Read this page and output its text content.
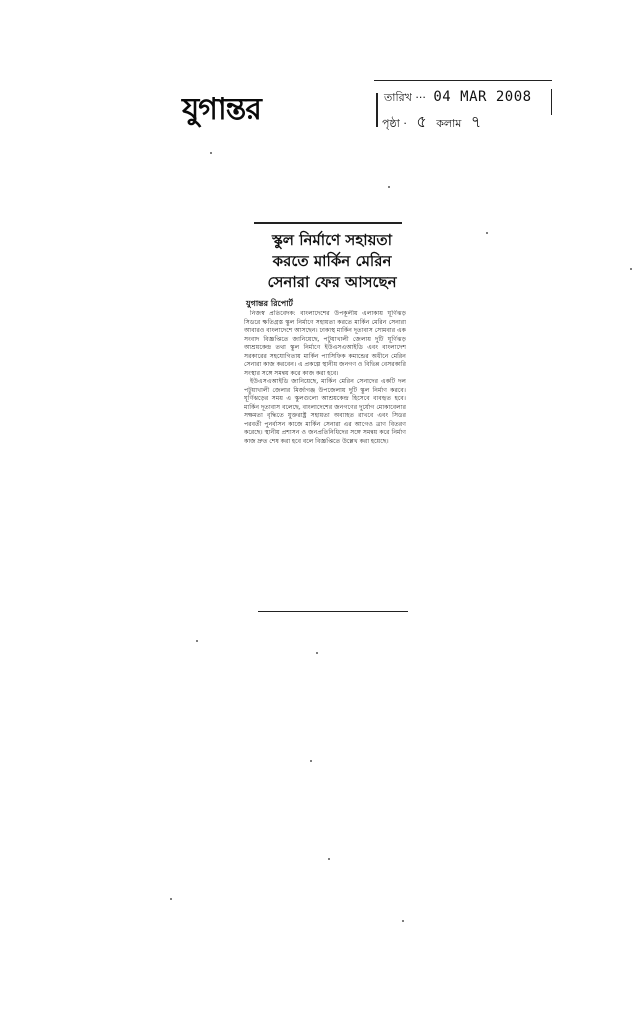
যুগান্তর	তারিখ ··· 04 MAR 2008
পৃষ্ঠা · ৫ কলাম ৭
স্কুল নির্মাণে সহায়তা করতে মার্কিন মেরিন সেনারা ফের আসছেন
যুগান্তর রিপোর্ট

নিজস্ব প্রতিবেদক: বাংলাদেশের উপকূলীয় এলাকায় ঘূর্ণিঝড় সিডরে ক্ষতিগ্রস্ত স্কুল নির্মাণে সহায়তা করতে মার্কিন মেরিন সেনারা আবারও বাংলাদেশে আসছেন। ঢাকাস্থ মার্কিন দূতাবাস সোমবার এক সংবাদ বিজ্ঞপ্তিতে জানিয়েছে, পটুয়াখালী জেলায় দুটি ঘূর্ণিঝড় আশ্রয়কেন্দ্র তথা স্কুল নির্মাণে ইউএসএআইডি এবং বাংলাদেশ সরকারের সহযোগিতায় মার্কিন প্যাসিফিক কমান্ডের অধীনে মেরিন সেনারা কাজ করবেন। এ প্রকল্পে স্থানীয় জনগণ ও বিভিন্ন বেসরকারি সংস্থার সঙ্গে সমন্বয় করে কাজ করা হবে।

ইউএসএআইডি জানিয়েছে, মার্কিন মেরিন সেনাদের একটি দল পটুয়াখালী জেলার মির্জাগঞ্জ উপজেলায় দুটি স্কুল নির্মাণ করবে। ঘূর্ণিঝড়ের সময় এ স্কুলগুলো আশ্রয়কেন্দ্র হিসেবে ব্যবহৃত হবে। মার্কিন দূতাবাস বলেছে, বাংলাদেশের জনগণের দুর্যোগ মোকাবেলার সক্ষমতা বৃদ্ধিতে যুক্তরাষ্ট্র সহায়তা অব্যাহত রাখবে এবং সিডর পরবর্তী পুনর্বাসন কাজে মার্কিন সেনারা এর আগেও ত্রাণ বিতরণ করেছে। স্থানীয় প্রশাসন ও জনপ্রতিনিধিদের সঙ্গে সমন্বয় করে নির্মাণ কাজ দ্রুত শেষ করা হবে বলে বিজ্ঞপ্তিতে উল্লেখ করা হয়েছে।
